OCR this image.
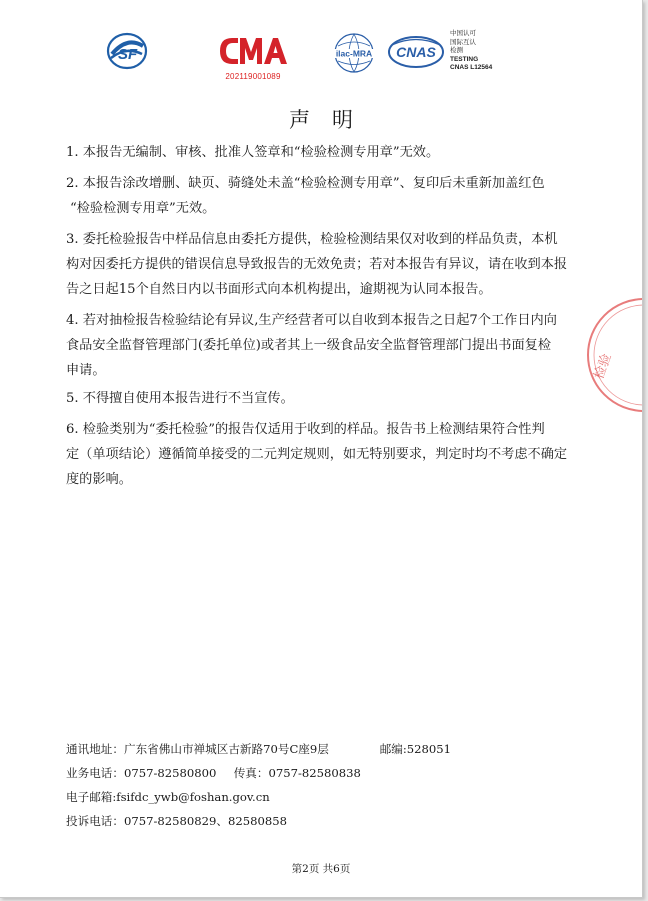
SF
202119001089
ilac-MRA CNAS
中国认可
国际互认
检测
TESTING
CNAS L12564
声明

1. 本报告无编制、审核、批准人签章和“检验检测专用章”无效。

2. 本报告涂改增删、缺页、骑缝处未盖“检验检测专用章”、复印后未重新加盖红色

“检验检测专用章”无效。

3. 委托检验报告中样品信息由委托方提供，检验检测结果仅对收到的样品负责，本机

构对因委托方提供的错误信息导致报告的无效免责；若对本报告有异议，请在收到本报

告之日起15个自然日内以书面形式向本机构提出，逾期视为认同本报告。

4. 若对抽检报告检验结论有异议,生产经营者可以自收到本报告之日起7个工作日内向

食品安全监督管理部门(委托单位)或者其上一级食品安全监督管理部门提出书面复检

申请。

5. 不得擅自使用本报告进行不当宣传。

6. 检验类别为“委托检验”的报告仅适用于收到的样品。报告书上检测结果符合性判

定（单项结论）遵循简单接受的二元判定规则，如无特别要求，判定时均不考虑不确定

度的影响。

检验
通讯地址：广东省佛山市禅城区古新路70号C座9层	邮编:528051
业务电话：0757-82580800 传真：0757-82580838
电子邮箱:fsifdc_ywb@foshan.gov.cn
投诉电话：0757-82580829、82580858
第2页 共6页
